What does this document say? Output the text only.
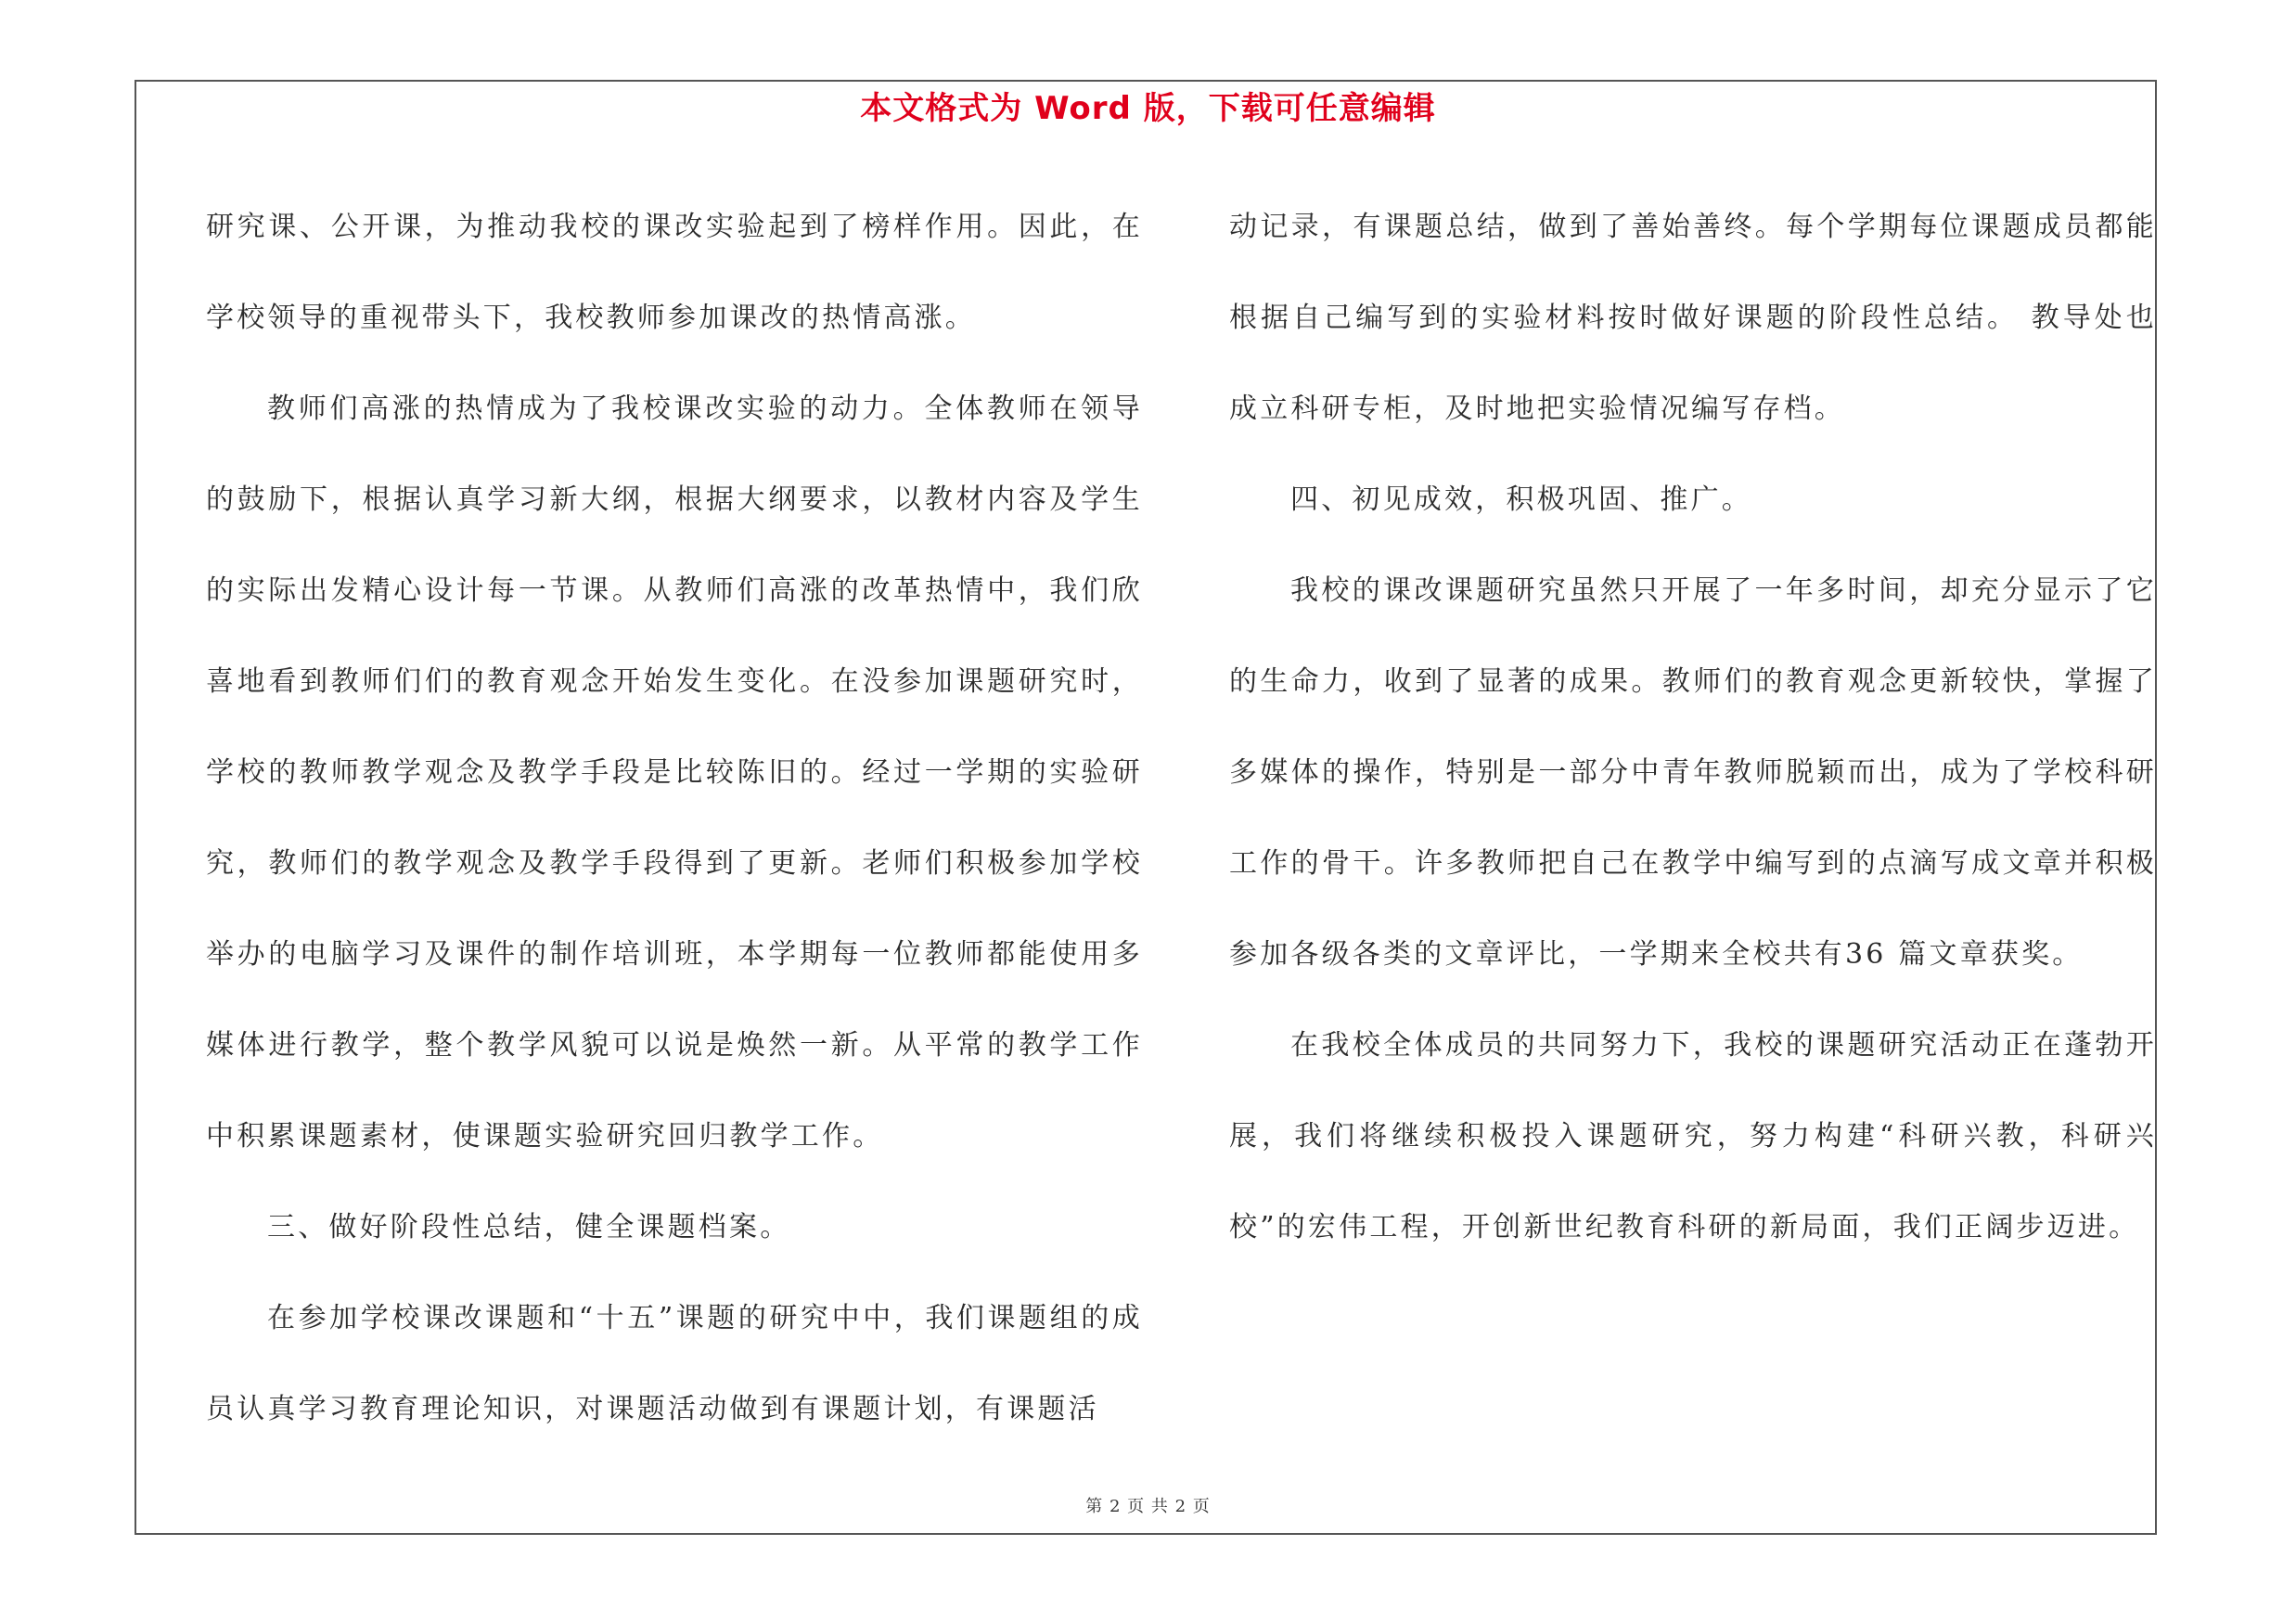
本文格式为 Word 版，下载可任意编辑

研究课、公开课，为推动我校的课改实验起到了榜样作用。因此，在学校领导的重视带头下，我校教师参加课改的热情高涨。

教师们高涨的热情成为了我校课改实验的动力。全体教师在领导的鼓励下，根据认真学习新大纲，根据大纲要求，以教材内容及学生的实际出发精心设计每一节课。从教师们高涨的改革热情中，我们欣喜地看到教师们们的教育观念开始发生变化。在没参加课题研究时，学校的教师教学观念及教学手段是比较陈旧的。经过一学期的实验研究，教师们的教学观念及教学手段得到了更新。老师们积极参加学校举办的电脑学习及课件的制作培训班，本学期每一位教师都能使用多媒体进行教学，整个教学风貌可以说是焕然一新。从平常的教学工作中积累课题素材，使课题实验研究回归教学工作。

三、做好阶段性总结，健全课题档案。

在参加学校课改课题和“十五”课题的研究中中，我们课题组的成员认真学习教育理论知识，对课题活动做到有课题计划，有课题活

动记录，有课题总结，做到了善始善终。每个学期每位课题成员都能根据自己编写到的实验材料按时做好课题的阶段性总结。 教导处也成立科研专柜，及时地把实验情况编写存档。

四、初见成效，积极巩固、推广。

我校的课改课题研究虽然只开展了一年多时间，却充分显示了它的生命力，收到了显著的成果。教师们的教育观念更新较快，掌握了多媒体的操作，特别是一部分中青年教师脱颖而出，成为了学校科研工作的骨干。许多教师把自己在教学中编写到的点滴写成文章并积极参加各级各类的文章评比，一学期来全校共有36 篇文章获奖。

在我校全体成员的共同努力下，我校的课题研究活动正在蓬勃开展，我们将继续积极投入课题研究，努力构建“科研兴教，科研兴校”的宏伟工程，开创新世纪教育科研的新局面，我们正阔步迈进。

第 2 页 共 2 页
